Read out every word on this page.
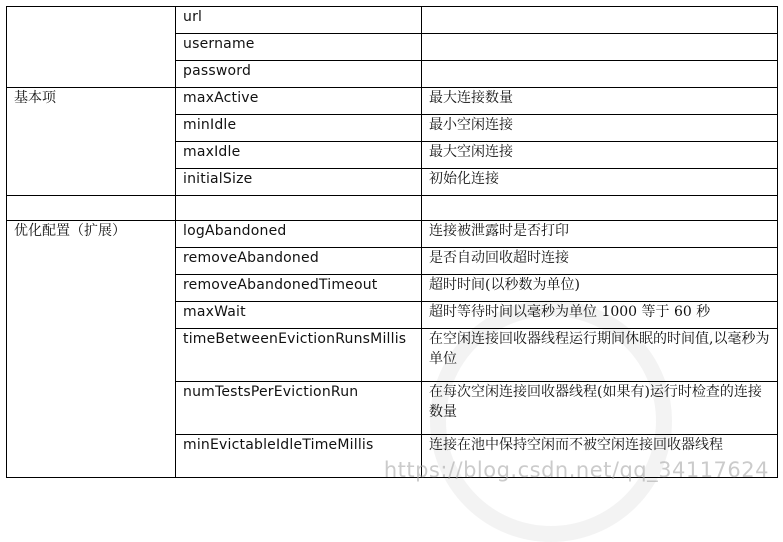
	url	
	username	
	password	
基本项	maxActive	最大连接数量
	minIdle	最小空闲连接
	maxIdle	最大空闲连接
	initialSize	初始化连接

优化配置（扩展）	logAbandoned	连接被泄露时是否打印
	removeAbandoned	是否自动回收超时连接
	removeAbandonedTimeout	超时时间(以秒数为单位)
	maxWait	超时等待时间以毫秒为单位 1000 等于 60 秒
	timeBetweenEvictionRunsMillis	在空闲连接回收器线程运行期间休眠的时间值,以毫秒为单位
	numTestsPerEvictionRun	在每次空闲连接回收器线程(如果有)运行时检查的连接数量
	minEvictableIdleTimeMillis	连接在池中保持空闲而不被空闲连接回收器线程
https://blog.csdn.net/qq_34117624
